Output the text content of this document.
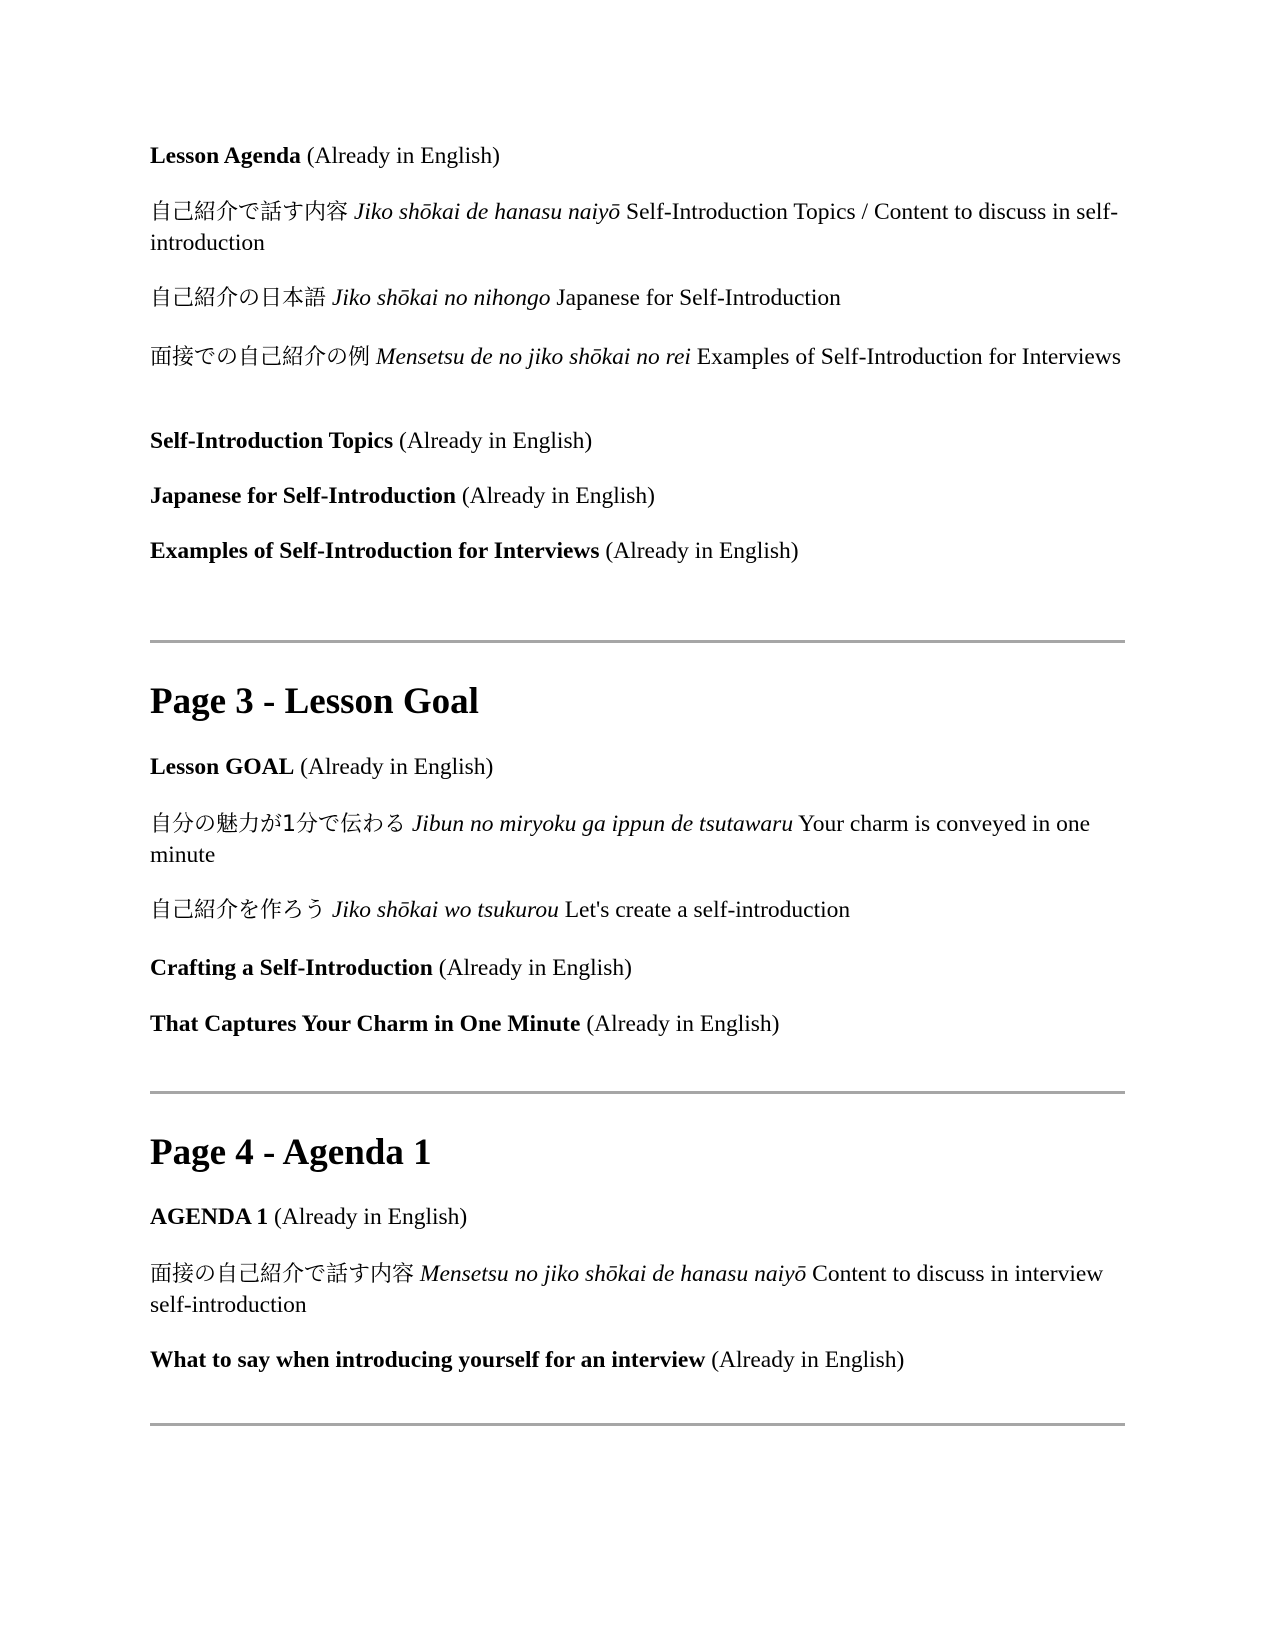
Lesson Agenda (Already in English)

自己紹介で話す内容 Jiko shōkai de hanasu naiyō Self-Introduction Topics / Content to discuss in self-introduction

自己紹介の日本語 Jiko shōkai no nihongo Japanese for Self-Introduction

面接での自己紹介の例 Mensetsu de no jiko shōkai no rei Examples of Self-Introduction for Interviews

Self-Introduction Topics (Already in English)

Japanese for Self-Introduction (Already in English)

Examples of Self-Introduction for Interviews (Already in English)

Page 3 - Lesson Goal

Lesson GOAL (Already in English)

自分の魅力が1分で伝わる Jibun no miryoku ga ippun de tsutawaru Your charm is conveyed in one minute

自己紹介を作ろう Jiko shōkai wo tsukurou Let's create a self-introduction

Crafting a Self-Introduction (Already in English)

That Captures Your Charm in One Minute (Already in English)

Page 4 - Agenda 1

AGENDA 1 (Already in English)

面接の自己紹介で話す内容 Mensetsu no jiko shōkai de hanasu naiyō Content to discuss in interview self-introduction

What to say when introducing yourself for an interview (Already in English)
